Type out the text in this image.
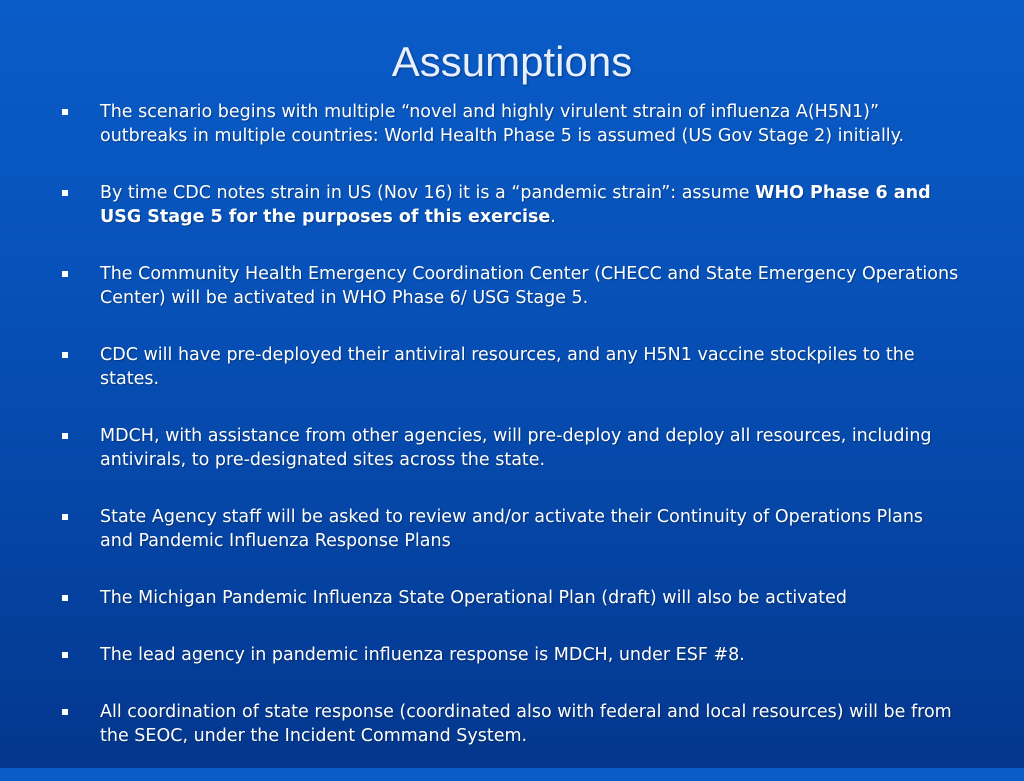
Assumptions
The scenario begins with multiple “novel and highly virulent strain of influenza A(H5N1)” outbreaks in multiple countries: World Health Phase 5 is assumed (US Gov Stage 2) initially.
By time CDC notes strain in US (Nov 16) it is a “pandemic strain”: assume WHO Phase 6 and USG Stage 5 for the purposes of this exercise.
The Community Health Emergency Coordination Center (CHECC and State Emergency Operations Center) will be activated in WHO Phase 6/ USG Stage 5.
CDC will have pre-deployed their antiviral resources, and any H5N1 vaccine stockpiles to the states.
MDCH, with assistance from other agencies, will pre-deploy and deploy all resources, including antivirals, to pre-designated sites across the state.
State Agency staff will be asked to review and/or activate their Continuity of Operations Plans and Pandemic Influenza Response Plans
The Michigan Pandemic Influenza State Operational Plan (draft) will also be activated
The lead agency in pandemic influenza response is MDCH, under ESF #8.
All coordination of state response (coordinated also with federal and local resources) will be from the SEOC, under the Incident Command System.
